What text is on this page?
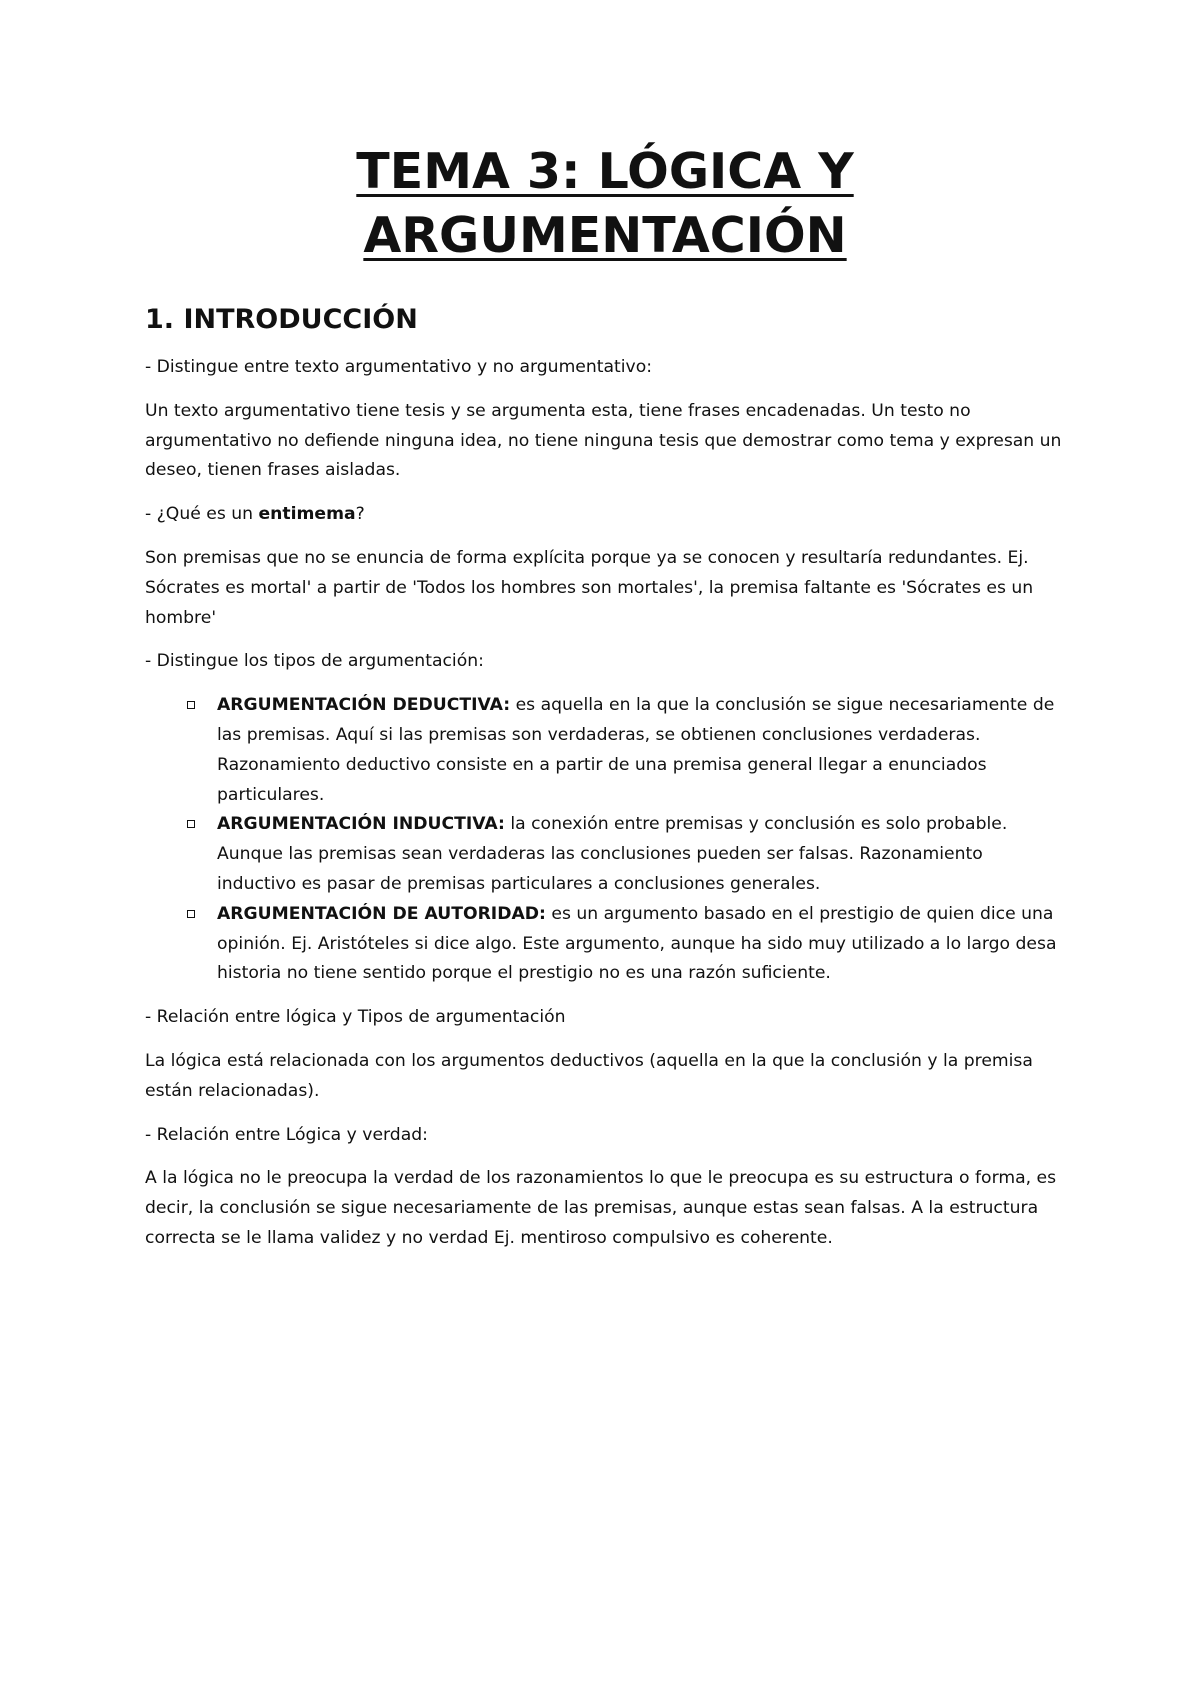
TEMA 3: LÓGICA Y
ARGUMENTACIÓN
1. INTRODUCCIÓN

- Distingue entre texto argumentativo y no argumentativo:

Un texto argumentativo tiene tesis y se argumenta esta, tiene frases encadenadas. Un testo no argumentativo no defiende ninguna idea, no tiene ninguna tesis que demostrar como tema y expresan un deseo, tienen frases aisladas.

- ¿Qué es un entimema?

Son premisas que no se enuncia de forma explícita porque ya se conocen y resultaría redundantes. Ej. Sócrates es mortal' a partir de 'Todos los hombres son mortales', la premisa faltante es 'Sócrates es un hombre'

- Distingue los tipos de argumentación:

ARGUMENTACIÓN DEDUCTIVA: es aquella en la que la conclusión se sigue necesariamente de las premisas. Aquí si las premisas son verdaderas, se obtienen conclusiones verdaderas. Razonamiento deductivo consiste en a partir de una premisa general llegar a enunciados particulares.
ARGUMENTACIÓN INDUCTIVA: la conexión entre premisas y conclusión es solo probable. Aunque las premisas sean verdaderas las conclusiones pueden ser falsas. Razonamiento inductivo es pasar de premisas particulares a conclusiones generales.
ARGUMENTACIÓN DE AUTORIDAD: es un argumento basado en el prestigio de quien dice una opinión. Ej. Aristóteles si dice algo. Este argumento, aunque ha sido muy utilizado a lo largo desa historia no tiene sentido porque el prestigio no es una razón suficiente.

- Relación entre lógica y Tipos de argumentación

La lógica está relacionada con los argumentos deductivos (aquella en la que la conclusión y la premisa están relacionadas).

- Relación entre Lógica y verdad:

A la lógica no le preocupa la verdad de los razonamientos lo que le preocupa es su estructura o forma, es decir, la conclusión se sigue necesariamente de las premisas, aunque estas sean falsas. A la estructura correcta se le llama validez y no verdad Ej. mentiroso compulsivo es coherente.
